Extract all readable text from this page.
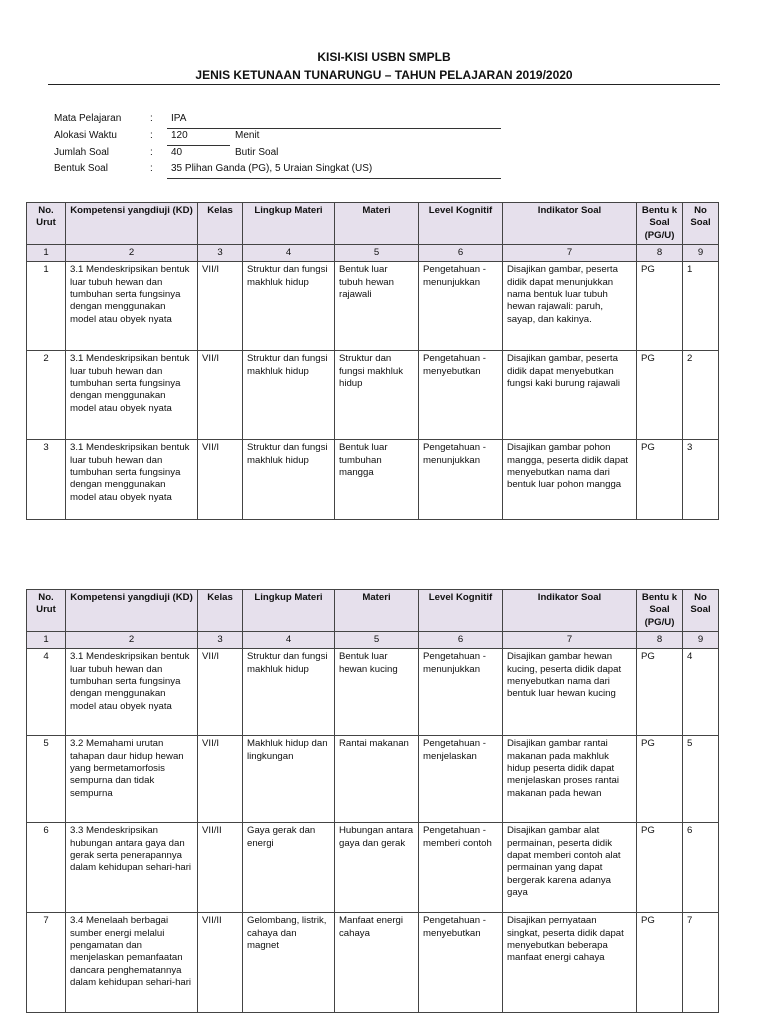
KISI-KISI USBN SMPLB
JENIS KETUNAAN TUNARUNGU – TAHUN PELAJARAN 2019/2020
Mata Pelajaran	: IPA
Alokasi Waktu	: 120	Menit
Jumlah Soal	: 40	Butir Soal
Bentuk Soal	: 35 Plihan Ganda (PG), 5 Uraian Singkat (US)
No. Urut	Kompetensi yangdiuji (KD)	Kelas	Lingkup Materi	Materi	Level Kognitif	Indikator Soal	Bentu k Soal (PG/U)	No Soal
1	2	3	4	5	6	7	8	9
1	3.1 Mendeskripsikan bentuk luar tubuh hewan dan tumbuhan serta fungsinya dengan menggunakan model atau obyek nyata	VII/I	Struktur dan fungsi makhluk hidup	Bentuk luar tubuh hewan rajawali	Pengetahuan -menunjukkan	Disajikan gambar, peserta didik dapat menunjukkan nama bentuk luar tubuh hewan rajawali: paruh, sayap, dan kakinya.	PG	1
2	3.1 Mendeskripsikan bentuk luar tubuh hewan dan tumbuhan serta fungsinya dengan menggunakan model atau obyek nyata	VII/I	Struktur dan fungsi makhluk hidup	Struktur dan fungsi makhluk hidup	Pengetahuan - menyebutkan	Disajikan gambar, peserta didik dapat menyebutkan fungsi kaki burung rajawali	PG	2
3	3.1 Mendeskripsikan bentuk luar tubuh hewan dan tumbuhan serta fungsinya dengan menggunakan model atau obyek nyata	VII/I	Struktur dan fungsi makhluk hidup	Bentuk luar tumbuhan mangga	Pengetahuan -menunjukkan	Disajikan gambar pohon mangga, peserta didik dapat menyebutkan nama dari bentuk luar pohon mangga	PG	3
No. Urut	Kompetensi yangdiuji (KD)	Kelas	Lingkup Materi	Materi	Level Kognitif	Indikator Soal	Bentu k Soal (PG/U)	No Soal
1	2	3	4	5	6	7	8	9
4	3.1 Mendeskripsikan bentuk luar tubuh hewan dan tumbuhan serta fungsinya dengan menggunakan model atau obyek nyata	VII/I	Struktur dan fungsi makhluk hidup	Bentuk luar hewan kucing	Pengetahuan -menunjukkan	Disajikan gambar hewan kucing, peserta didik dapat menyebutkan nama dari bentuk luar hewan kucing	PG	4
5	3.2 Memahami urutan tahapan daur hidup hewan yang bermetamorfosis sempurna dan tidak sempurna	VII/I	Makhluk hidup dan lingkungan	Rantai makanan	Pengetahuan -menjelaskan	Disajikan gambar rantai makanan pada makhluk hidup peserta didik dapat menjelaskan proses rantai makanan pada hewan	PG	5
6	3.3 Mendeskripsikan hubungan antara gaya dan gerak serta penerapannya dalam kehidupan sehari-hari	VII/II	Gaya gerak dan energi	Hubungan antara gaya dan gerak	Pengetahuan - memberi contoh	Disajikan gambar alat permainan, peserta didik dapat memberi contoh alat permainan yang dapat bergerak karena adanya gaya	PG	6
7	3.4 Menelaah berbagai sumber energi melalui pengamatan dan menjelaskan pemanfaatan dancara penghematannya dalam kehidupan sehari-hari	VII/II	Gelombang, listrik, cahaya dan magnet	Manfaat energi cahaya	Pengetahuan - menyebutkan	Disajikan pernyataan singkat, peserta didik dapat menyebutkan beberapa manfaat energi cahaya	PG	7
